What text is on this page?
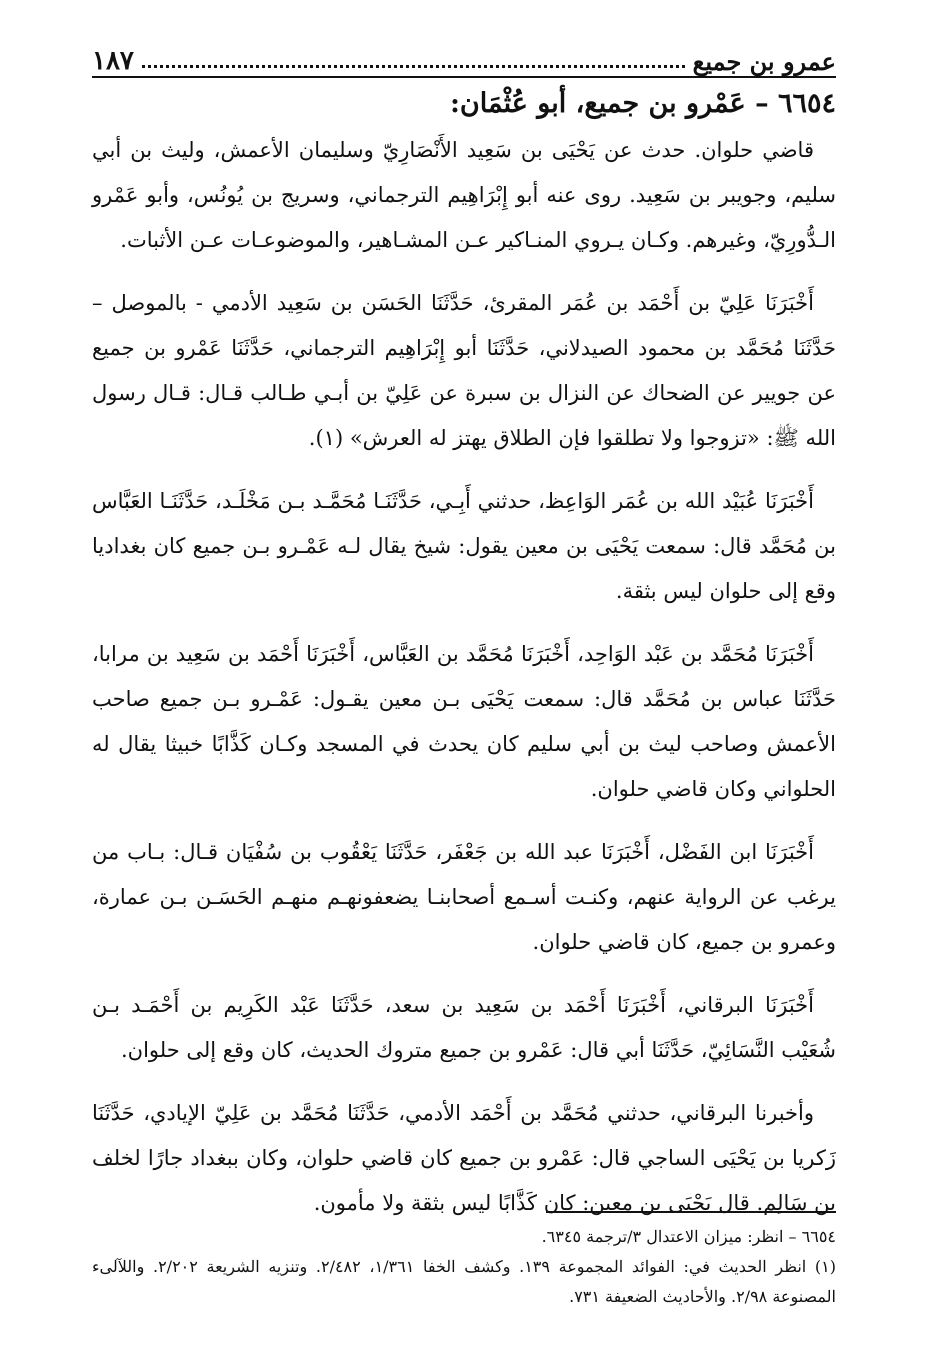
عمرو بن جميع
١٨٧
٦٦٥٤ – عَمْرو بن جميع، أبو عُثْمَان:

قاضي حلوان. حدث عن يَحْيَى بن سَعِيد الأَنْصَارِيّ وسليمان الأعمش، وليث بن أبي سليم، وجويبر بن سَعِيد. روى عنه أبو إِبْرَاهِيم الترجماني، وسريج بن يُونُس، وأبو عَمْرو الـدُّورِيّ، وغيرهم. وكـان يـروي المنـاكير عـن المشـاهير، والموضوعـات عـن الأثبات.

أَخْبَرَنَا عَلِيّ بن أَحْمَد بن عُمَر المقرئ، حَدَّثَنَا الحَسَن بن سَعِيد الأدمي - بالموصل – حَدَّثَنَا مُحَمَّد بن محمود الصيدلاني، حَدَّثَنَا أبو إِبْرَاهِيم الترجماني، حَدَّثَنَا عَمْرو بن جميع عن جويير عن الضحاك عن النزال بن سبرة عن عَلِيّ بن أبـي طـالب قـال: قـال رسول الله ﷺ: «تزوجوا ولا تطلقوا فإن الطلاق يهتز له العرش» (١).

أَخْبَرَنَا عُبَيْد الله بن عُمَر الوَاعِظ، حدثني أَبِـي، حَدَّثَنَـا مُحَمَّـد بـن مَخْلَـد، حَدَّثَنَـا العَبَّاس بن مُحَمَّد قال: سمعت يَحْيَى بن معين يقول: شيخ يقال لـه عَمْـرو بـن جميع كان بغداديا وقع إلى حلوان ليس بثقة.

أَخْبَرَنَا مُحَمَّد بن عَبْد الوَاحِد، أَخْبَرَنَا مُحَمَّد بن العَبَّاس، أَخْبَرَنَا أَحْمَد بن سَعِيد بن مرابا، حَدَّثَنَا عباس بن مُحَمَّد قال: سمعت يَحْيَى بـن معين يقـول: عَمْـرو بـن جميع صاحب الأعمش وصاحب ليث بن أبي سليم كان يحدث في المسجد وكـان كَذَّابًا خبيثا يقال له الحلواني وكان قاضي حلوان.

أَخْبَرَنَا ابن الفَضْل، أَخْبَرَنَا عبد الله بن جَعْفَر، حَدَّثَنَا يَعْقُوب بن سُفْيَان قـال: بـاب من يرغب عن الرواية عنهم، وكنـت أسـمع أصحابنـا يضعفونهـم منهـم الحَسَـن بـن عمارة، وعمرو بن جميع، كان قاضي حلوان.

أَخْبَرَنَا البرقاني، أَخْبَرَنَا أَحْمَد بن سَعِيد بن سعد، حَدَّثَنَا عَبْد الكَرِيم بن أَحْمَـد بـن شُعَيْب النَّسَائِيّ، حَدَّثَنَا أبي قال: عَمْرو بن جميع متروك الحديث، كان وقع إلى حلوان.

وأخبرنا البرقاني، حدثني مُحَمَّد بن أَحْمَد الأدمي، حَدَّثَنَا مُحَمَّد بن عَلِيّ الإيادي، حَدَّثَنَا زَكريا بن يَحْيَى الساجي قال: عَمْرو بن جميع كان قاضي حلوان، وكان ببغداد جارًا لخلف بن سَالِم. قال يَحْيَى بن معين: كان كَذَّابًا ليس بثقة ولا مأمون.

٦٦٥٤ – انظر: ميزان الاعتدال ٣/ترجمة ٦٣٤٥.

(١) انظر الحديث في: الفوائد المجموعة ١٣٩. وكشف الخفا ١/٣٦١، ٢/٤٨٢. وتنزيه الشريعة ٢/٢٠٢. واللآلىء المصنوعة ٢/٩٨. والأحاديث الضعيفة ٧٣١.
